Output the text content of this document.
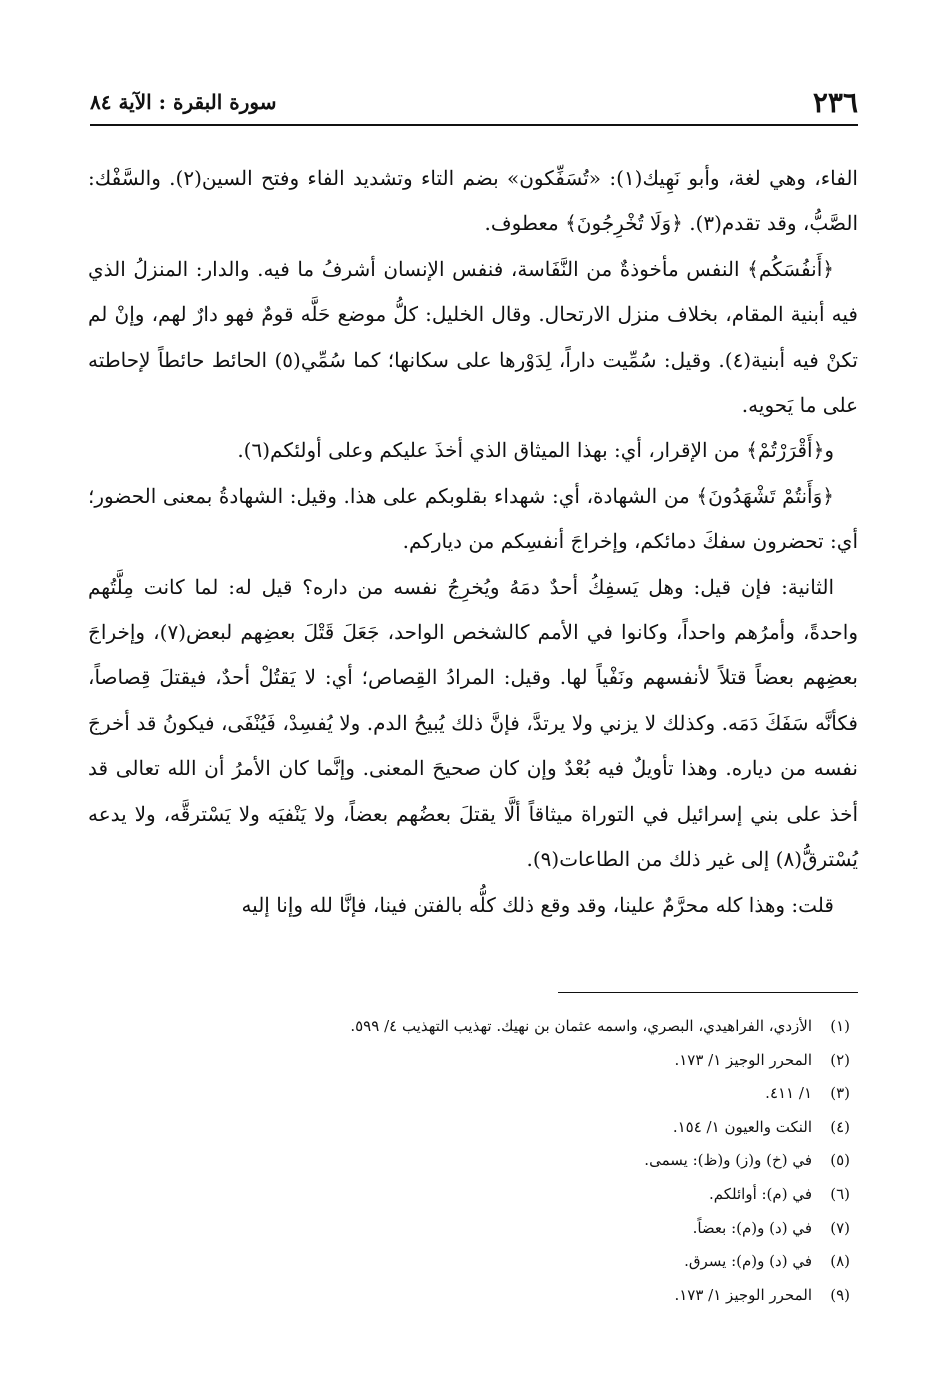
٢٣٦
سورة البقرة : الآية ٨٤

الفاء، وهي لغة، وأبو نَهِيك(١): «تُسَفِّكون» بضم التاء وتشديد الفاء وفتح السين(٢). والسَّفْك: الصَّبُّ، وقد تقدم(٣). ﴿وَلَا تُخْرِجُونَ﴾ معطوف.

﴿أَنفُسَكُم﴾ النفس مأخوذةٌ من النَّفَاسة، فنفس الإنسان أشرفُ ما فيه. والدار: المنزلُ الذي فيه أبنية المقام، بخلاف منزل الارتحال. وقال الخليل: كلُّ موضع حَلَّه قومٌ فهو دارٌ لهم، وإنْ لم تكنْ فيه أبنية(٤). وقيل: سُمِّيت داراً، لِدَوْرها على سكانها؛ كما سُمِّي(٥) الحائط حائطاً لإحاطته على ما يَحويه.

و﴿أَقْرَرْتُمْ﴾ من الإقرار، أي: بهذا الميثاق الذي أخذَ عليكم وعلى أولئكم(٦).

﴿وَأَنتُمْ تَشْهَدُونَ﴾ من الشهادة، أي: شهداء بقلوبكم على هذا. وقيل: الشهادةُ بمعنى الحضور؛ أي: تحضرون سفكَ دمائكم، وإخراجَ أنفسِكم من دياركم.

الثانية: فإن قيل: وهل يَسفِكُ أحدٌ دمَهُ ويُخرِجُ نفسه من داره؟ قيل له: لما كانت مِلَّتُهم واحدةً، وأمرُهم واحداً، وكانوا في الأمم كالشخص الواحد، جَعَلَ قَتْلَ بعضِهم لبعض(٧)، وإخراجَ بعضِهم بعضاً قتلاً لأنفسهم ونَفْياً لها. وقيل: المرادُ القِصاص؛ أي: لا يَقتُلْ أحدٌ، فيقتلَ قِصاصاً، فكأنَّه سَفَكَ دَمَه. وكذلك لا يزني ولا يرتدَّ، فإنَّ ذلك يُبيحُ الدم. ولا يُفسِدْ، فَيُنْفَى، فيكونُ قد أخرجَ نفسه من دياره. وهذا تأويلٌ فيه بُعْدٌ وإن كان صحيحَ المعنى. وإنَّما كان الأمرُ أن الله تعالى قد أخذ على بني إسرائيل في التوراة ميثاقاً ألَّا يقتلَ بعضُهم بعضاً، ولا يَنْفيَه ولا يَسْترقَّه، ولا يدعه يُسْترقُّ(٨) إلى غير ذلك من الطاعات(٩).

قلت: وهذا كله محرَّمٌ علينا، وقد وقع ذلك كلُّه بالفتن فينا، فإنَّا لله وإنا إليه

(١)
الأزدي، الفراهيدي، البصري، واسمه عثمان بن نهيك. تهذيب التهذيب ٤/ ٥٩٩.
(٢)
المحرر الوجيز ١/ ١٧٣.
(٣)
١/ ٤١١.
(٤)
النكت والعيون ١/ ١٥٤.
(٥)
في (خ) و(ز) و(ظ): يسمى.
(٦)
في (م): أوائلكم.
(٧)
في (د) و(م): بعضاً.
(٨)
في (د) و(م): يسرق.
(٩)
المحرر الوجيز ١/ ١٧٣.
